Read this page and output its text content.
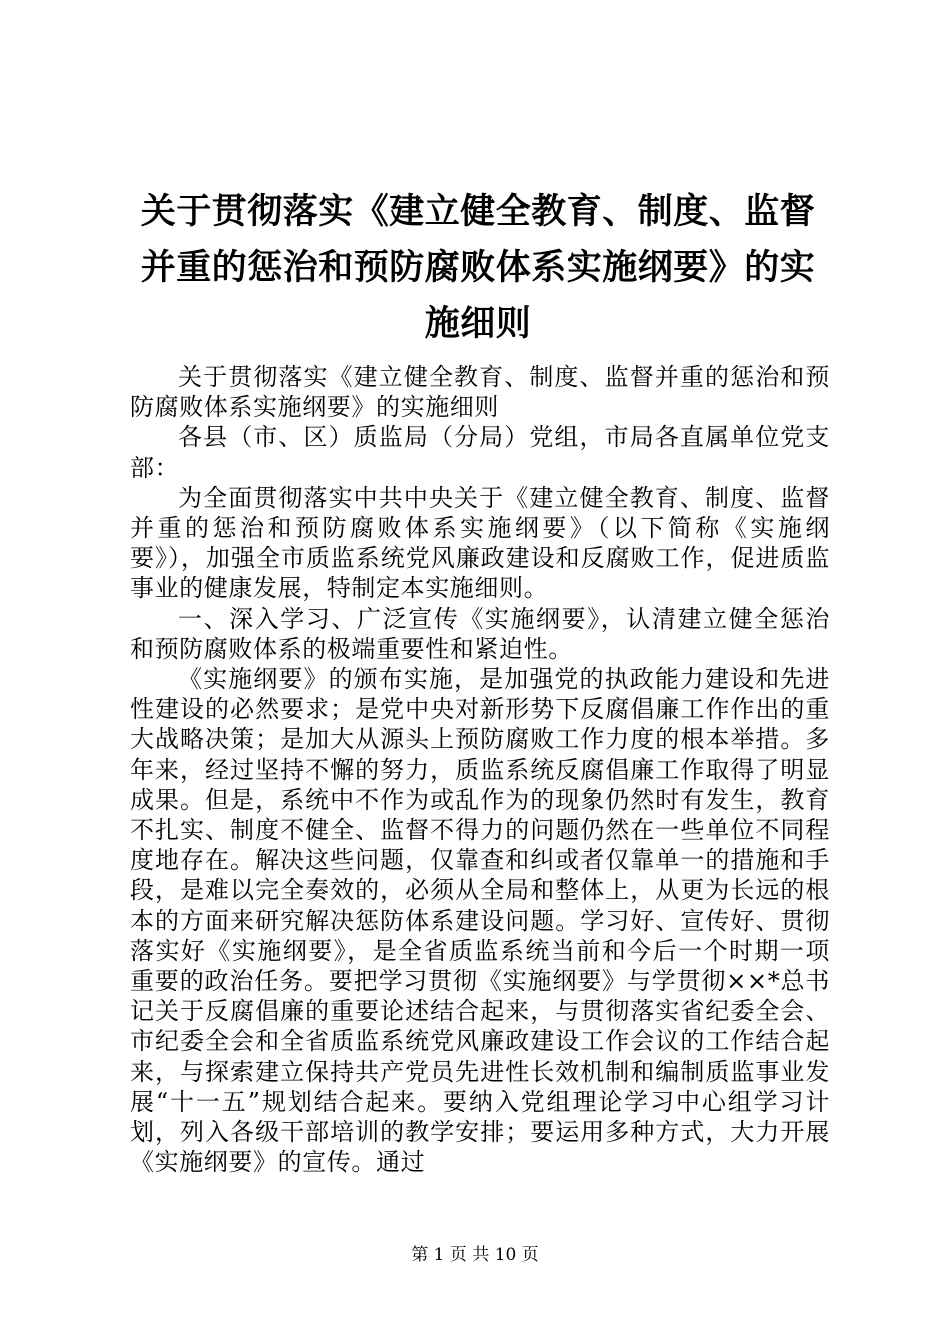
关于贯彻落实《建立健全教育、制度、监督并重的惩治和预防腐败体系实施纲要》的实施细则

关于贯彻落实《建立健全教育、制度、监督并重的惩治和预防腐败体系实施纲要》的实施细则

各县（市、区）质监局（分局）党组，市局各直属单位党支部：

为全面贯彻落实中共中央关于《建立健全教育、制度、监督并重的惩治和预防腐败体系实施纲要》（以下简称《实施纲要》），加强全市质监系统党风廉政建设和反腐败工作，促进质监事业的健康发展，特制定本实施细则。

一、深入学习、广泛宣传《实施纲要》，认清建立健全惩治和预防腐败体系的极端重要性和紧迫性。

《实施纲要》的颁布实施，是加强党的执政能力建设和先进性建设的必然要求；是党中央对新形势下反腐倡廉工作作出的重大战略决策；是加大从源头上预防腐败工作力度的根本举措。多年来，经过坚持不懈的努力，质监系统反腐倡廉工作取得了明显成果。但是，系统中不作为或乱作为的现象仍然时有发生，教育不扎实、制度不健全、监督不得力的问题仍然在一些单位不同程度地存在。解决这些问题，仅靠查和纠或者仅靠单一的措施和手段，是难以完全奏效的，必须从全局和整体上，从更为长远的根本的方面来研究解决惩防体系建设问题。学习好、宣传好、贯彻落实好《实施纲要》，是全省质监系统当前和今后一个时期一项重要的政治任务。要把学习贯彻《实施纲要》与学贯彻××*总书记关于反腐倡廉的重要论述结合起来，与贯彻落实省纪委全会、市纪委全会和全省质监系统党风廉政建设工作会议的工作结合起来，与探索建立保持共产党员先进性长效机制和编制质监事业发展“十一五”规划结合起来。要纳入党组理论学习中心组学习计划，列入各级干部培训的教学安排；要运用多种方式，大力开展《实施纲要》的宣传。通过

第 1 页 共 10 页
